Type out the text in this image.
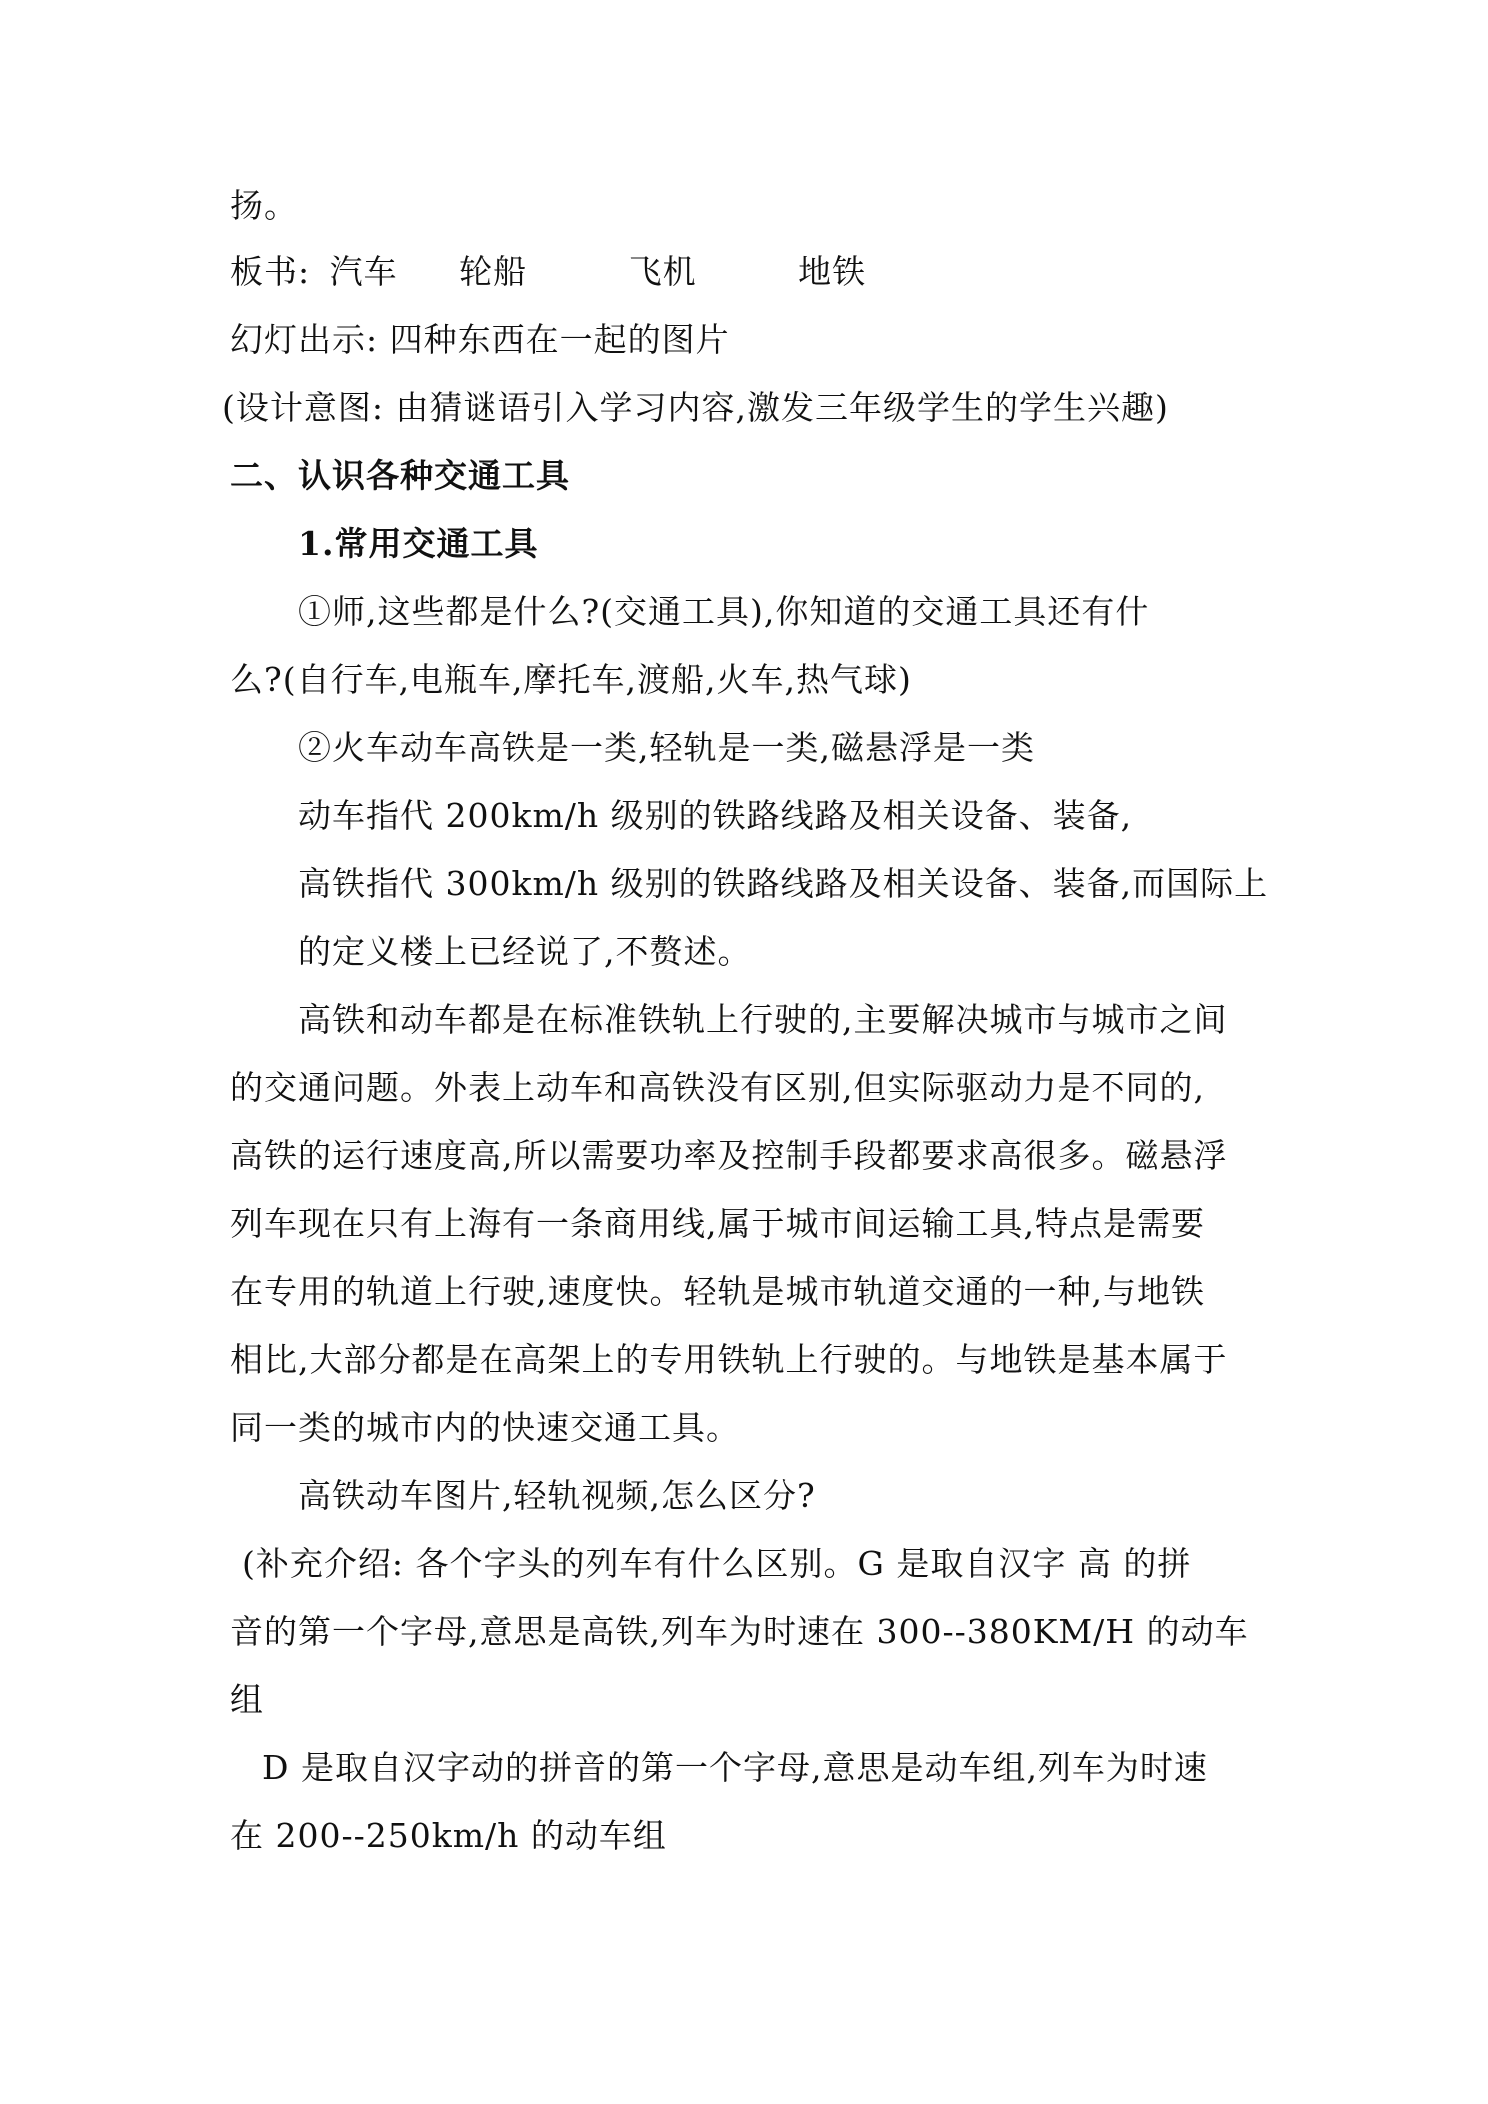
扬。
板书: 汽车 轮船	飞机	地铁
幻灯出示: 四种东西在一起的图片
(设计意图: 由猜谜语引入学习内容,激发三年级学生的学生兴趣)
二、认识各种交通工具
1.常用交通工具
①师,这些都是什么?(交通工具),你知道的交通工具还有什
么?(自行车,电瓶车,摩托车,渡船,火车,热气球)
②火车动车高铁是一类,轻轨是一类,磁悬浮是一类
动车指代 200km/h 级别的铁路线路及相关设备、装备,
高铁指代 300km/h 级别的铁路线路及相关设备、装备,而国际上
的定义楼上已经说了,不赘述。
高铁和动车都是在标准铁轨上行驶的,主要解决城市与城市之间
的交通问题。外表上动车和高铁没有区别,但实际驱动力是不同的,
高铁的运行速度高,所以需要功率及控制手段都要求高很多。磁悬浮
列车现在只有上海有一条商用线,属于城市间运输工具,特点是需要
在专用的轨道上行驶,速度快。轻轨是城市轨道交通的一种,与地铁
相比,大部分都是在高架上的专用铁轨上行驶的。与地铁是基本属于
同一类的城市内的快速交通工具。
高铁动车图片,轻轨视频,怎么区分?
(补充介绍: 各个字头的列车有什么区别。G 是取自汉字 高 的拼
音的第一个字母,意思是高铁,列车为时速在 300--380KM/H 的动车
组
D 是取自汉字动的拼音的第一个字母,意思是动车组,列车为时速
在 200--250km/h 的动车组
